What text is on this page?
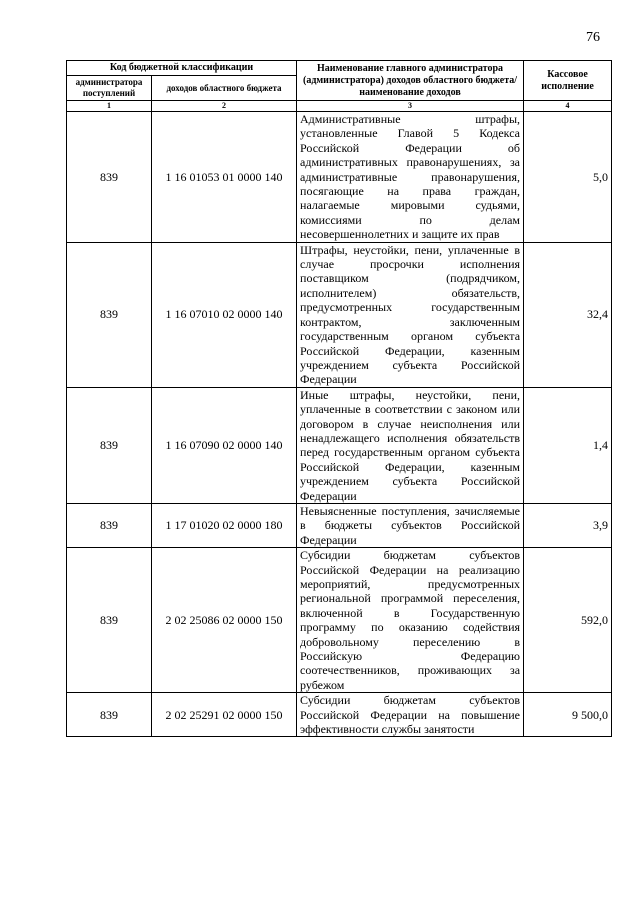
76
Код бюджетной классификации		Наименование главного администратора (администратора) доходов областного бюджета/ наименование доходов	Кассовое исполнение
администратора поступлений	доходов областного бюджета		
1	2	3	4
839	1 16 01053 01 0000 140	Административные штрафы, установленные Главой 5 Кодекса Российской Федерации об административных правонарушениях, за административные правонарушения, посягающие на права граждан, налагаемые мировыми судьями, комиссиями по делам несовершеннолетних и защите их прав	5,0
839	1 16 07010 02 0000 140	Штрафы, неустойки, пени, уплаченные в случае просрочки исполнения поставщиком (подрядчиком, исполнителем) обязательств, предусмотренных государственным контрактом, заключенным государственным органом субъекта Российской Федерации, казенным учреждением субъекта Российской Федерации	32,4
839	1 16 07090 02 0000 140	Иные штрафы, неустойки, пени, уплаченные в соответствии с законом или договором в случае неисполнения или ненадлежащего исполнения обязательств перед государственным органом субъекта Российской Федерации, казенным учреждением субъекта Российской Федерации	1,4
839	1 17 01020 02 0000 180	Невыясненные поступления, зачисляемые в бюджеты субъектов Российской Федерации	3,9
839	2 02 25086 02 0000 150	Субсидии бюджетам субъектов Российской Федерации на реализацию мероприятий, предусмотренных региональной программой переселения, включенной в Государственную программу по оказанию содействия добровольному переселению в Российскую Федерацию соотечественников, проживающих за рубежом	592,0
839	2 02 25291 02 0000 150	Субсидии бюджетам субъектов Российской Федерации на повышение эффективности службы занятости	9 500,0
